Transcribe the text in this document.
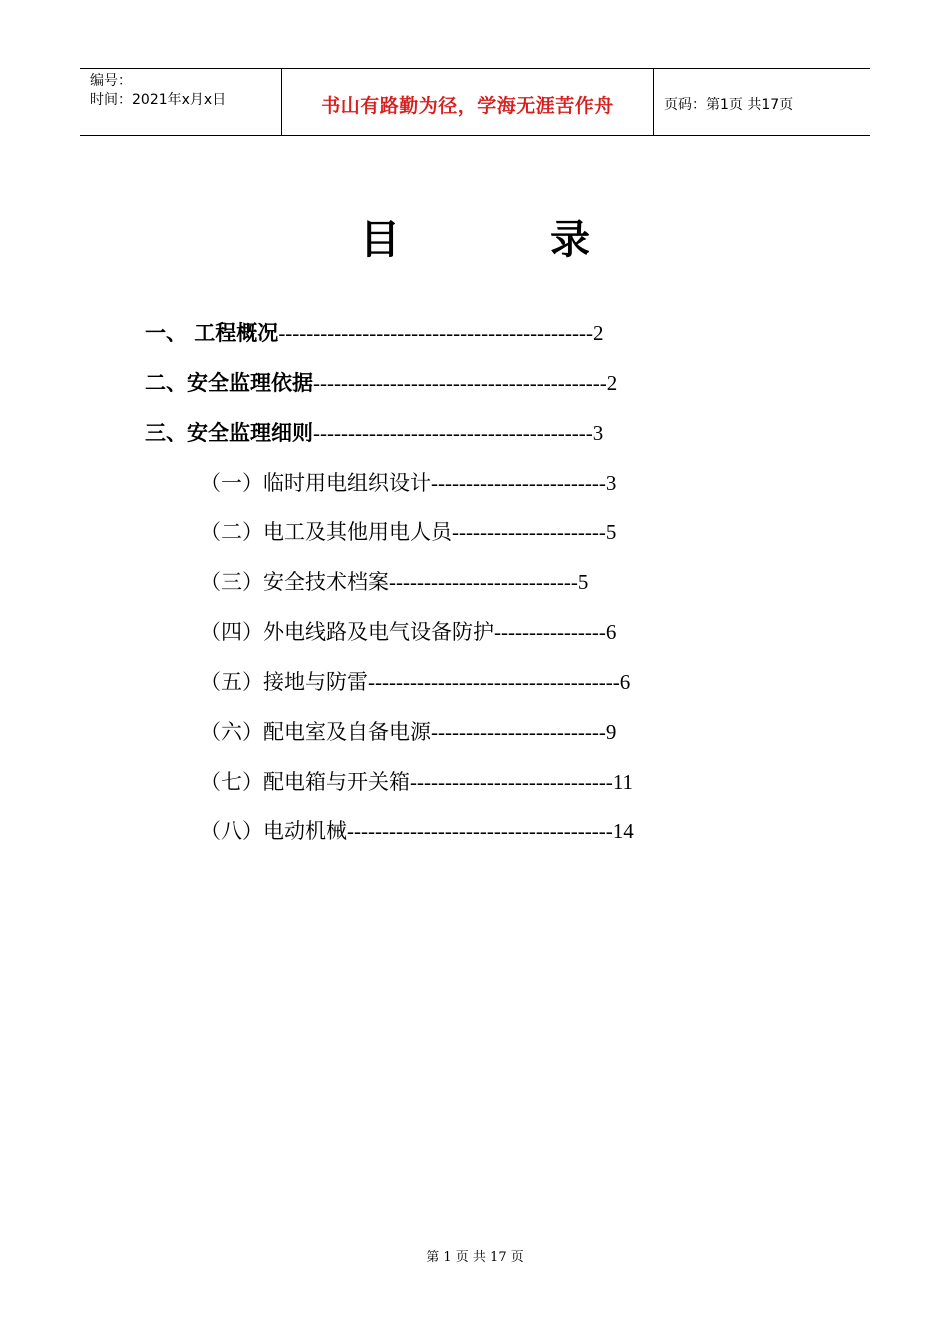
编号：
时间：2021年x月x日	书山有路勤为径，学海无涯苦作舟	页码：第1页 共17页
目	录
一、 工程概况---------------------------------------------2
二、安全监理依据------------------------------------------2
三、安全监理细则----------------------------------------3
（一）临时用电组织设计-------------------------3
（二）电工及其他用电人员----------------------5
（三）安全技术档案---------------------------5
（四）外电线路及电气设备防护----------------6
（五）接地与防雷------------------------------------6
（六）配电室及自备电源-------------------------9
（七）配电箱与开关箱-----------------------------11
（八）电动机械--------------------------------------14
第 1 页 共 17 页
